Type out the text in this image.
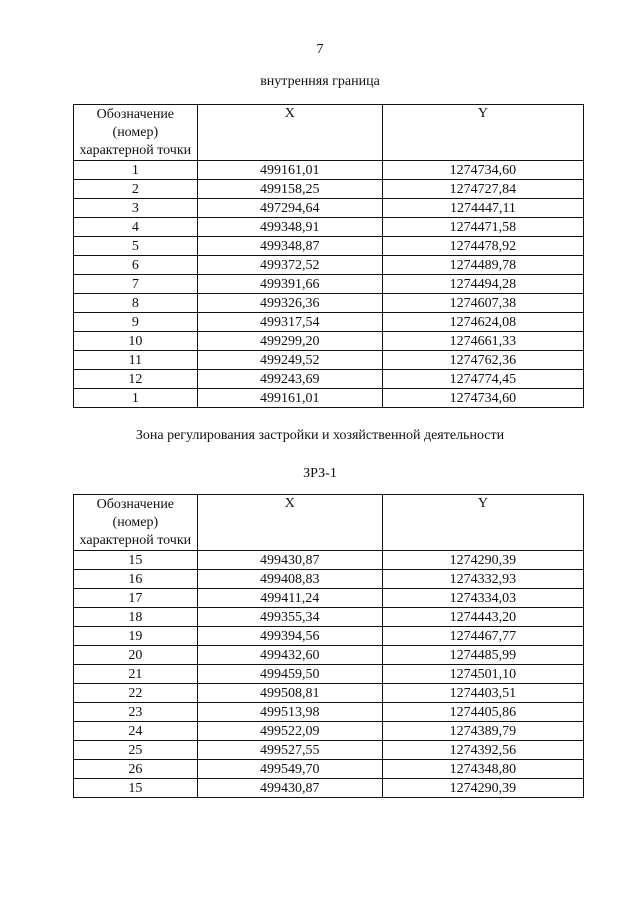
7
внутренняя граница
Обозначение (номер) характерной точки	X	Y
1	499161,01	1274734,60
2	499158,25	1274727,84
3	497294,64	1274447,11
4	499348,91	1274471,58
5	499348,87	1274478,92
6	499372,52	1274489,78
7	499391,66	1274494,28
8	499326,36	1274607,38
9	499317,54	1274624,08
10	499299,20	1274661,33
11	499249,52	1274762,36
12	499243,69	1274774,45
1	499161,01	1274734,60
Зона регулирования застройки и хозяйственной деятельности
ЗРЗ-1
Обозначение (номер) характерной точки	X	Y
15	499430,87	1274290,39
16	499408,83	1274332,93
17	499411,24	1274334,03
18	499355,34	1274443,20
19	499394,56	1274467,77
20	499432,60	1274485,99
21	499459,50	1274501,10
22	499508,81	1274403,51
23	499513,98	1274405,86
24	499522,09	1274389,79
25	499527,55	1274392,56
26	499549,70	1274348,80
15	499430,87	1274290,39
